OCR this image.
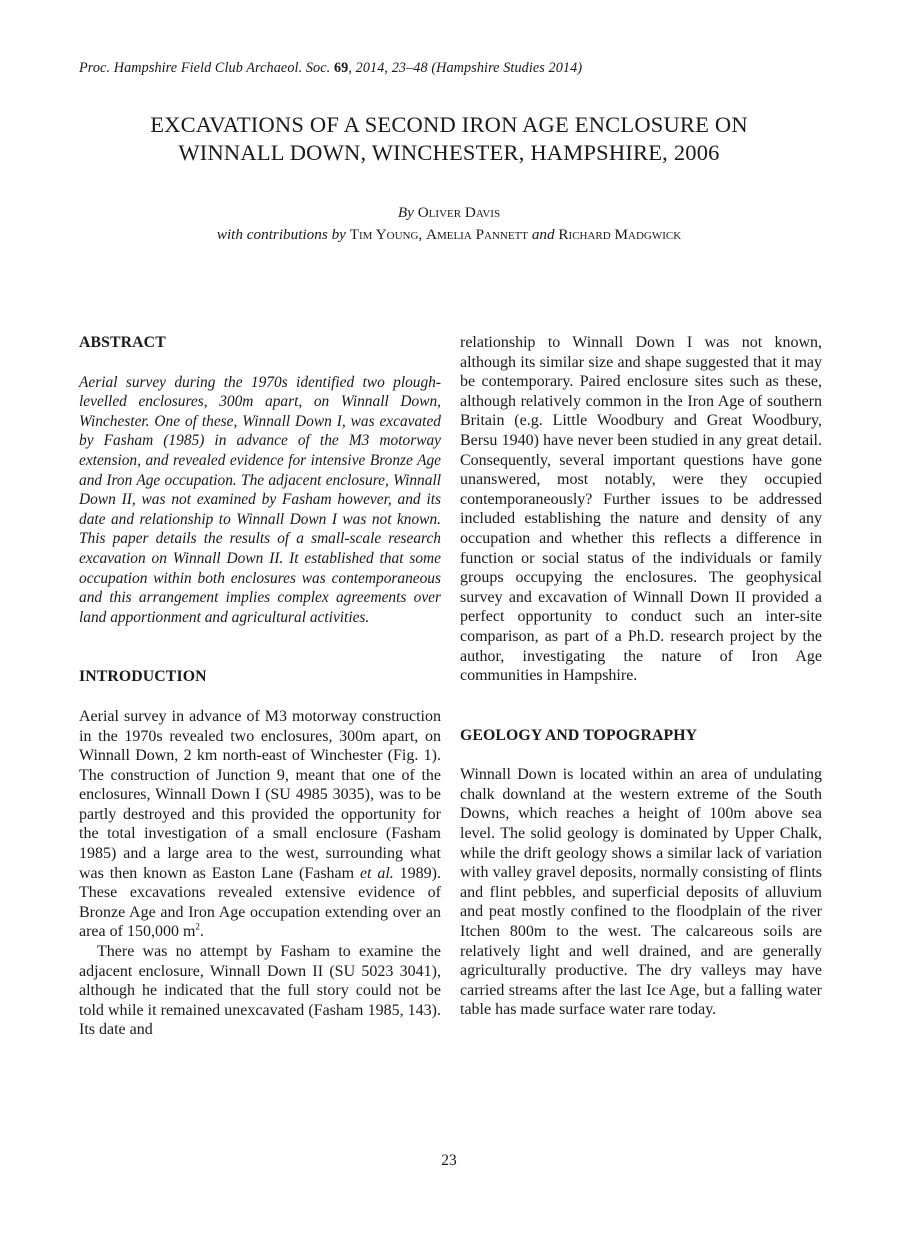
Proc. Hampshire Field Club Archaeol. Soc. 69, 2014, 23–48 (Hampshire Studies 2014)
EXCAVATIONS OF A SECOND IRON AGE ENCLOSURE ON
WINNALL DOWN, WINCHESTER, HAMPSHIRE, 2006
By Oliver Davis
with contributions by Tim Young, Amelia Pannett and Richard Madgwick
ABSTRACT

Aerial survey during the 1970s identified two plough-levelled enclosures, 300m apart, on Winnall Down, Winchester. One of these, Winnall Down I, was excavated by Fasham (1985) in advance of the M3 motorway extension, and revealed evidence for intensive Bronze Age and Iron Age occupation. The adjacent enclosure, Winnall Down II, was not examined by Fasham however, and its date and relationship to Winnall Down I was not known. This paper details the results of a small-scale research excavation on Winnall Down II. It established that some occupation within both enclosures was contemporaneous and this arrangement implies complex agreements over land apportionment and agricultural activities.

INTRODUCTION

Aerial survey in advance of M3 motorway construction in the 1970s revealed two enclosures, 300m apart, on Winnall Down, 2 km north-east of Winchester (Fig. 1). The construction of Junction 9, meant that one of the enclosures, Winnall Down I (SU 4985 3035), was to be partly destroyed and this provided the opportunity for the total investigation of a small enclosure (Fasham 1985) and a large area to the west, surrounding what was then known as Easton Lane (Fasham et al. 1989). These excavations revealed extensive evidence of Bronze Age and Iron Age occupation extending over an area of 150,000 $m^2$.

There was no attempt by Fasham to examine the adjacent enclosure, Winnall Down II (SU 5023 3041), although he indicated that the full story could not be told while it remained unexcavated (Fasham 1985, 143). Its date and

relationship to Winnall Down I was not known, although its similar size and shape suggested that it may be contemporary. Paired enclosure sites such as these, although relatively common in the Iron Age of southern Britain (e.g. Little Woodbury and Great Woodbury, Bersu 1940) have never been studied in any great detail. Consequently, several important questions have gone unanswered, most notably, were they occupied contemporaneously? Further issues to be addressed included establishing the nature and density of any occupation and whether this reflects a difference in function or social status of the individuals or family groups occupying the enclosures. The geophysical survey and excavation of Winnall Down II provided a perfect opportunity to conduct such an inter-site comparison, as part of a Ph.D. research project by the author, investigating the nature of Iron Age communities in Hampshire.

GEOLOGY AND TOPOGRAPHY

Winnall Down is located within an area of undulating chalk downland at the western extreme of the South Downs, which reaches a height of 100m above sea level. The solid geology is dominated by Upper Chalk, while the drift geology shows a similar lack of variation with valley gravel deposits, normally consisting of flints and flint pebbles, and superficial deposits of alluvium and peat mostly confined to the floodplain of the river Itchen 800m to the west. The calcareous soils are relatively light and well drained, and are generally agriculturally productive. The dry valleys may have carried streams after the last Ice Age, but a falling water table has made surface water rare today.

23
